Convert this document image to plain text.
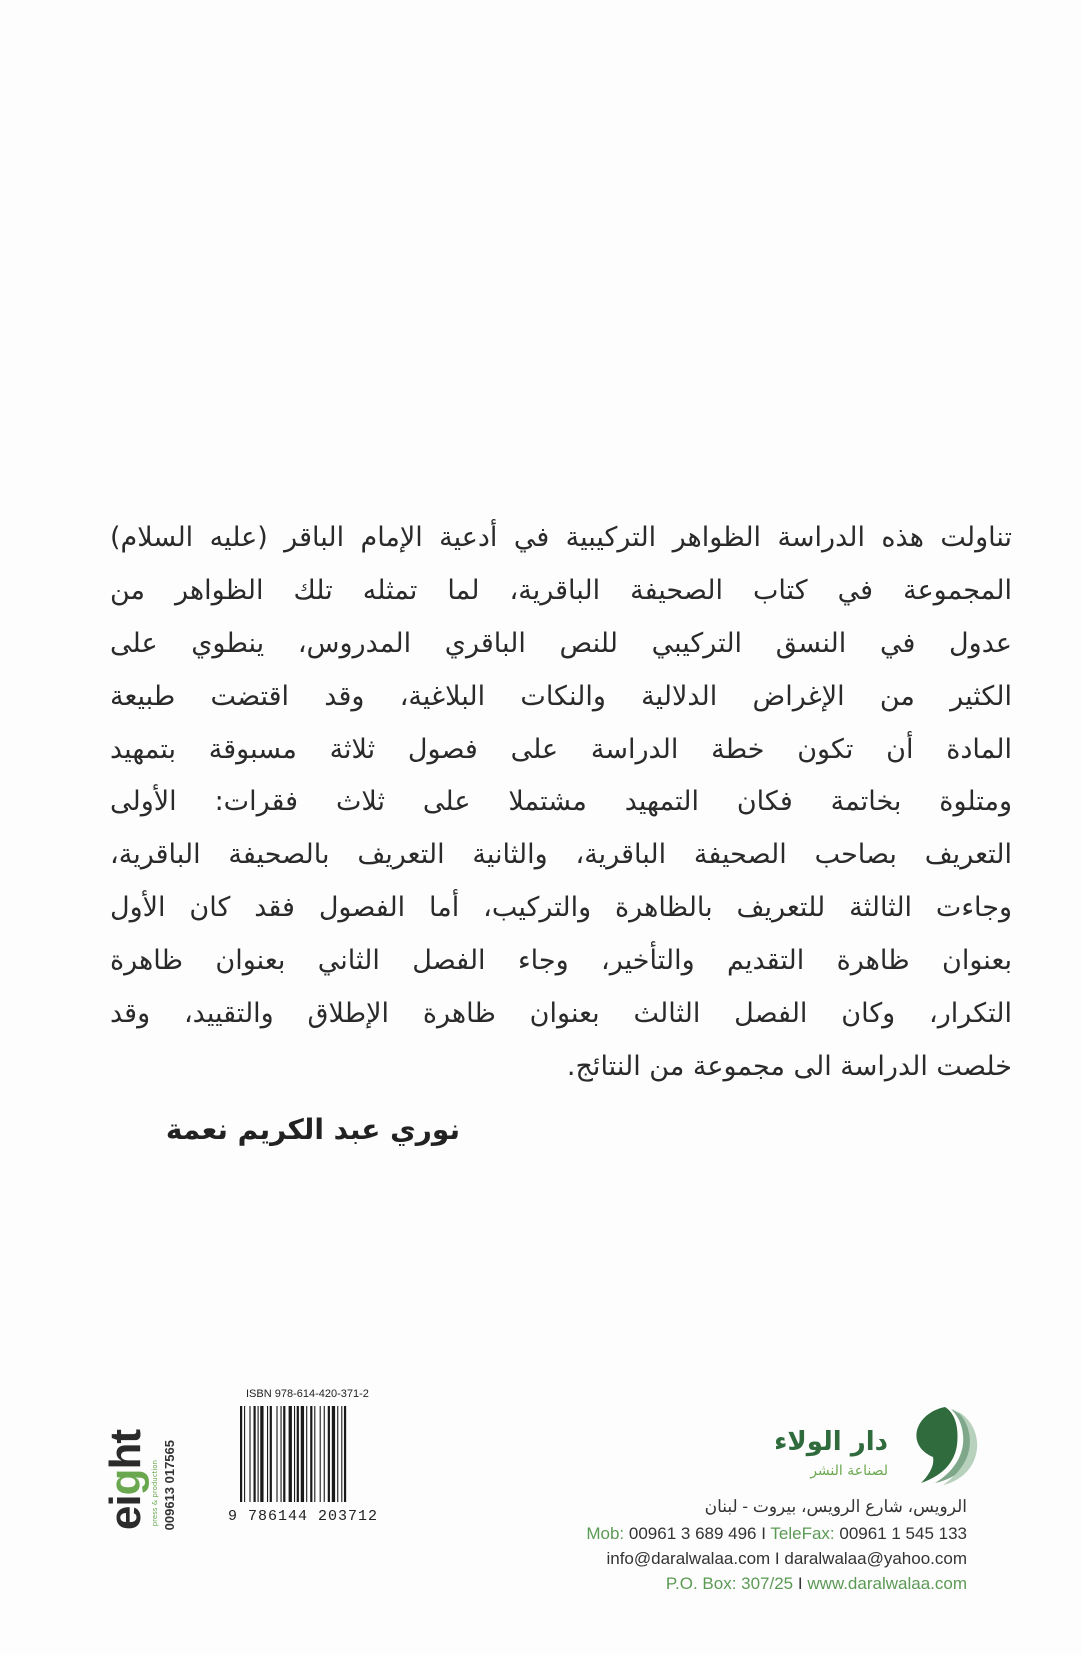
تناولت هذه الدراسة الظواهر التركيبية في أدعية الإمام الباقر (عليه السلام)
المجموعة في كتاب الصحيفة الباقرية، لما تمثله تلك الظواهر من
عدول في النسق التركيبي للنص الباقري المدروس، ينطوي على
الكثير من الإغراض الدلالية والنكات البلاغية، وقد اقتضت طبيعة
المادة أن تكون خطة الدراسة على فصول ثلاثة مسبوقة بتمهيد
ومتلوة بخاتمة فكان التمهيد مشتملا على ثلاث فقرات: الأولى
التعريف بصاحب الصحيفة الباقرية، والثانية التعريف بالصحيفة الباقرية،
وجاءت الثالثة للتعريف بالظاهرة والتركيب، أما الفصول فقد كان الأول
بعنوان ظاهرة التقديم والتأخير، وجاء الفصل الثاني بعنوان ظاهرة
التكرار، وكان الفصل الثالث بعنوان ظاهرة الإطلاق والتقييد، وقد
خلصت الدراسة الى مجموعة من النتائج.
نوري عبد الكريم نعمة
eight
press & production 009613 017565
ISBN 978-614-420-371-2
9 786144 203712
دار الولاء
لصناعة النشر
الرويس، شارع الرويس، بيروت - لبنان
Mob: 00961 3 689 496 I TeleFax: 00961 1 545 133
info@daralwalaa.com I daralwalaa@yahoo.com
P.O. Box: 307/25 I www.daralwalaa.com
